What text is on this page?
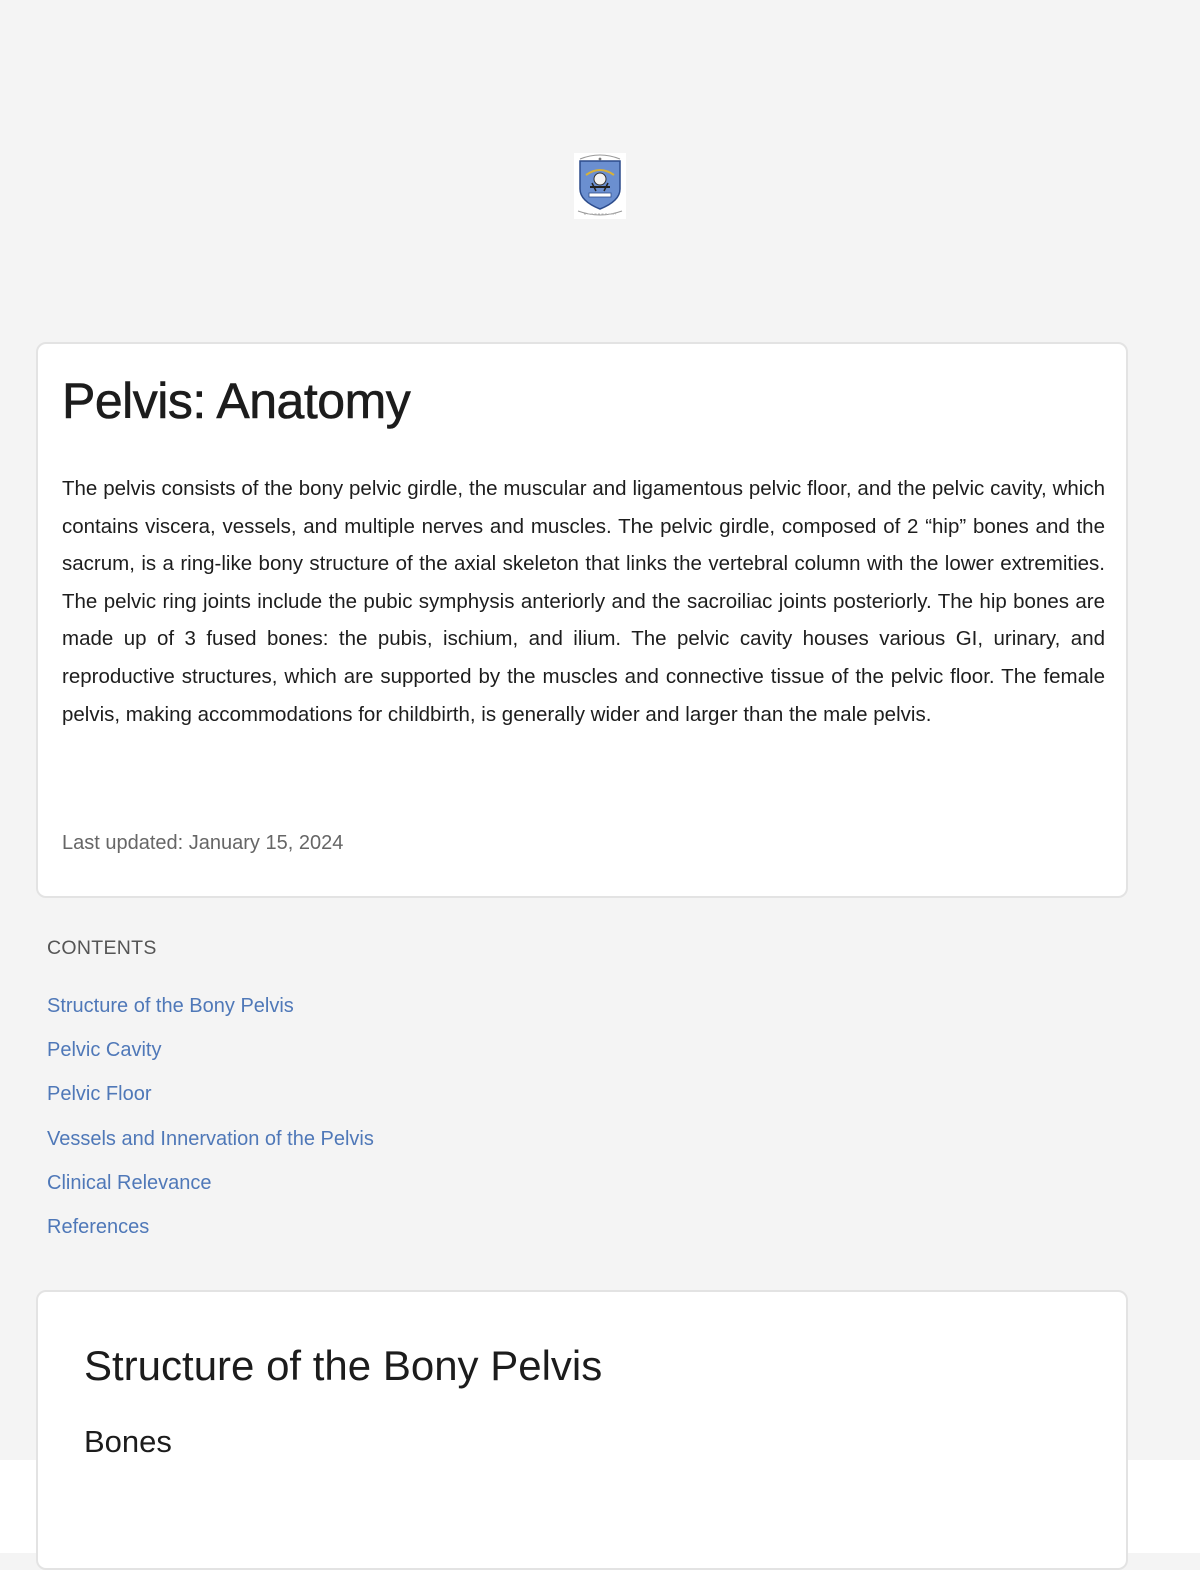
Pelvis: Anatomy

The pelvis consists of the bony pelvic girdle, the muscular and ligamentous pelvic floor, and the pelvic cavity, which contains viscera, vessels, and multiple nerves and muscles. The pelvic girdle, composed of 2 “hip” bones and the sacrum, is a ring-like bony structure of the axial skeleton that links the vertebral column with the lower extremities. The pelvic ring joints include the pubic symphysis anteriorly and the sacroiliac joints posteriorly. The hip bones are made up of 3 fused bones: the pubis, ischium, and ilium. The pelvic cavity houses various GI, urinary, and reproductive structures, which are supported by the muscles and connective tissue of the pelvic floor. The female pelvis, making accommodations for childbirth, is generally wider and larger than the male pelvis.

Last updated: January 15, 2024
CONTENTS
Structure of the Bony Pelvis
Pelvic Cavity
Pelvic Floor
Vessels and Innervation of the Pelvis
Clinical Relevance
References
Structure of the Bony Pelvis
Bones
